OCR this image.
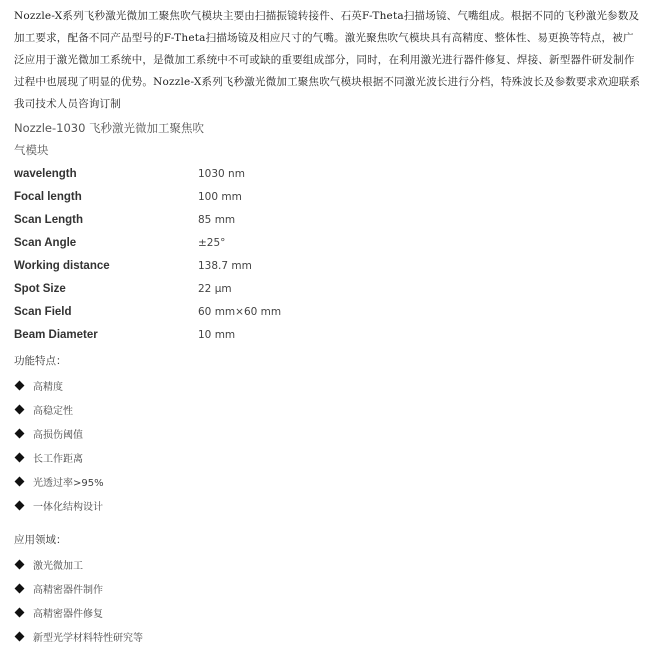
Nozzle-X系列飞秒激光微加工聚焦吹气模块主要由扫描振镜转接件、石英F-Theta扫描场镜、气嘴组成。根据不同的飞秒激光参数及加工要求，配备不同产品型号的F-Theta扫描场镜及相应尺寸的气嘴。激光聚焦吹气模块具有高精度、整体性、易更换等特点，被广泛应用于激光微加工系统中，是微加工系统中不可或缺的重要组成部分，同时，在利用激光进行器件修复、焊接、新型器件研发制作过程中也展现了明显的优势。Nozzle-X系列飞秒激光微加工聚焦吹气模块根据不同激光波长进行分档，特殊波长及参数要求欢迎联系我司技术人员咨询订制

Nozzle-1030 飞秒激光微加工聚焦吹
气模块
wavelength	1030 nm
Focal length	100 mm
Scan Length	85 mm
Scan Angle	±25°
Working distance	138.7 mm
Spot Size	22 μm
Scan Field	60 mm×60 mm
Beam Diameter	10 mm
功能特点：
高精度
高稳定性
高损伤阈值
长工作距离
光透过率>95%
一体化结构设计
应用领域：
激光微加工
高精密器件制作
高精密器件修复
新型光学材料特性研究等
